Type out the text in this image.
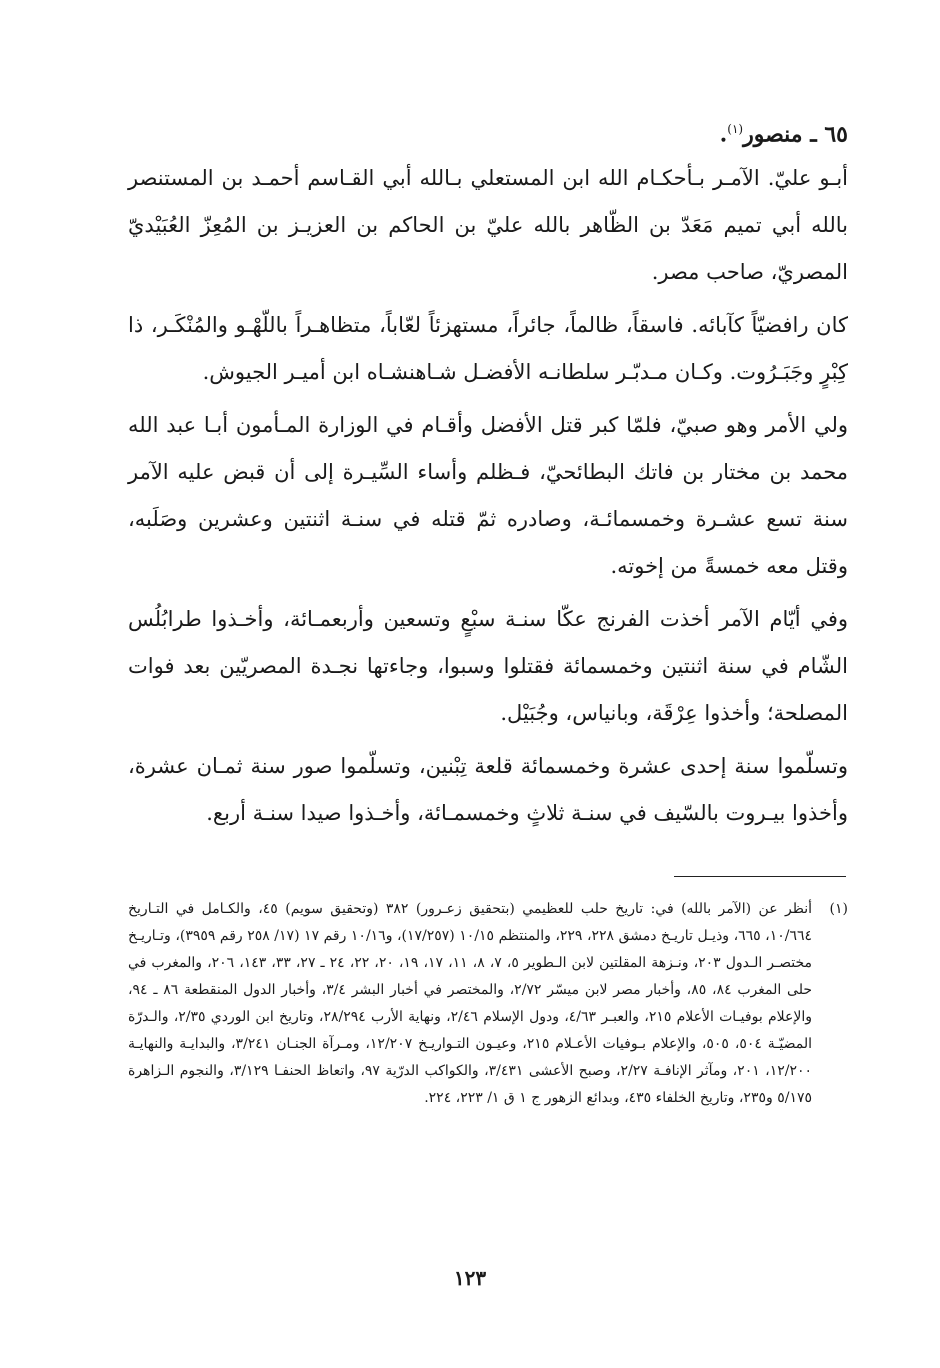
٦٥ ـ منصور$^{(١)}$.

أبـو عليّ. الآمـر بـأحكـام الله ابن المستعلي بـالله أبي القـاسم أحمـد بن المستنصر بالله أبي تميم مَعَدّ بن الظّاهر بالله عليّ بن الحاكم بن العزيـز بن المُعِزّ العُبَيْديّ المصريّ، صاحب مصر.

كان رافضيّاً كآبائه. فاسقاً، ظالماً، جائراً، مستهزئاً لعّاباً، متظاهـراً باللّهْـو والمُنْكَـر، ذا كِبْرٍ وجَبَـرُوت. وكـان مـدبّـر سلطانـه الأفضـل شـاهنشـاه ابن أميـر الجيوش.

ولي الأمر وهو صبيّ، فلمّا كبر قتل الأفضل وأقـام في الوزارة المـأمون أبـا عبد الله محمد بن مختار بن فاتك البطائحيّ، فـظلم وأساء السِّيـرة إلى أن قبض عليه الآمر سنة تسع عشـرة وخمسمائـة، وصادره ثمّ قتله في سنـة اثنتين وعشرين وصَلَبه، وقتل معه خمسةً من إخوته.

وفي أيّام الآمر أخذت الفرنج عكّا سنـة سبْعٍ وتسعين وأربعمـائة، وأخـذوا طرابُلُس الشّام في سنة اثنتين وخمسمائة فقتلوا وسبوا، وجاءتها نجـدة المصريّين بعد فوات المصلحة؛ وأخذوا عِرْقَة، وبانياس، وجُبَيْل.

وتسلّموا سنة إحدى عشرة وخمسمائة قلعة تِبْنين، وتسلّموا صور سنة ثمـان عشرة، وأخذوا بيـروت بالسّيف في سنـة ثلاثٍ وخمسمـائة، وأخـذوا صيدا سنـة أربع.

(١)
أنظر عن (الآمر بالله) في: تاريخ حلب للعظيمي (بتحقيق زعـرور) ٣٨٢ (وتحقيق سويم) ٤٥، والكـامل في التـاريخ ١٠/٦٦٤، ٦٦٥، وذيـل تاريـخ دمشق ٢٢٨، ٢٢٩، والمنتظم ١٠/١٥ (١٧/٢٥٧)، و١٠/١٦ رقم ١٧ (١٧/ ٢٥٨ رقم ٣٩٥٩)، وتـاريـخ مختصـر الـدول ٢٠٣، ونـزهة المقلتين لابن الـطوير ٥، ٧، ٨، ١١، ١٧، ١٩، ٢٠، ٢٢، ٢٤ ـ ٢٧، ٣٣، ١٤٣، ٢٠٦، والمغرب في حلى المغرب ٨٤، ٨٥، وأخبار مصر لابن ميسّر ٢/٧٢، والمختصر في أخبار البشر ٣/٤، وأخبار الدول المنقطعة ٨٦ ـ ٩٤، والإعلام بوفيـات الأعلام ٢١٥، والعبـر ٤/٦٣، ودول الإسلام ٢/٤٦، ونهاية الأرب ٢٨/٢٩٤، وتاريخ ابن الوردي ٢/٣٥، والـدرّة المضيّـة ٥٠٤، ٥٠٥، والإعلام بـوفيات الأعـلام ٢١٥، وعيـون التـواريـخ ١٢/٢٠٧، ومـرآة الجنـان ٣/٢٤١، والبدايـة والنهايـة ١٢/٢٠٠، ٢٠١، ومآثر الإنافـة ٢/٢٧، وصبح الأعشى ٣/٤٣١، والكواكب الدرّية ٩٧، واتعاظ الحنفـا ٣/١٢٩، والنجوم الـزاهرة ٥/١٧٥ و٢٣٥، وتاريخ الخلفاء ٤٣٥، وبدائع الزهور ج ١ ق ١/ ٢٢٣، ٢٢٤.
١٢٣
